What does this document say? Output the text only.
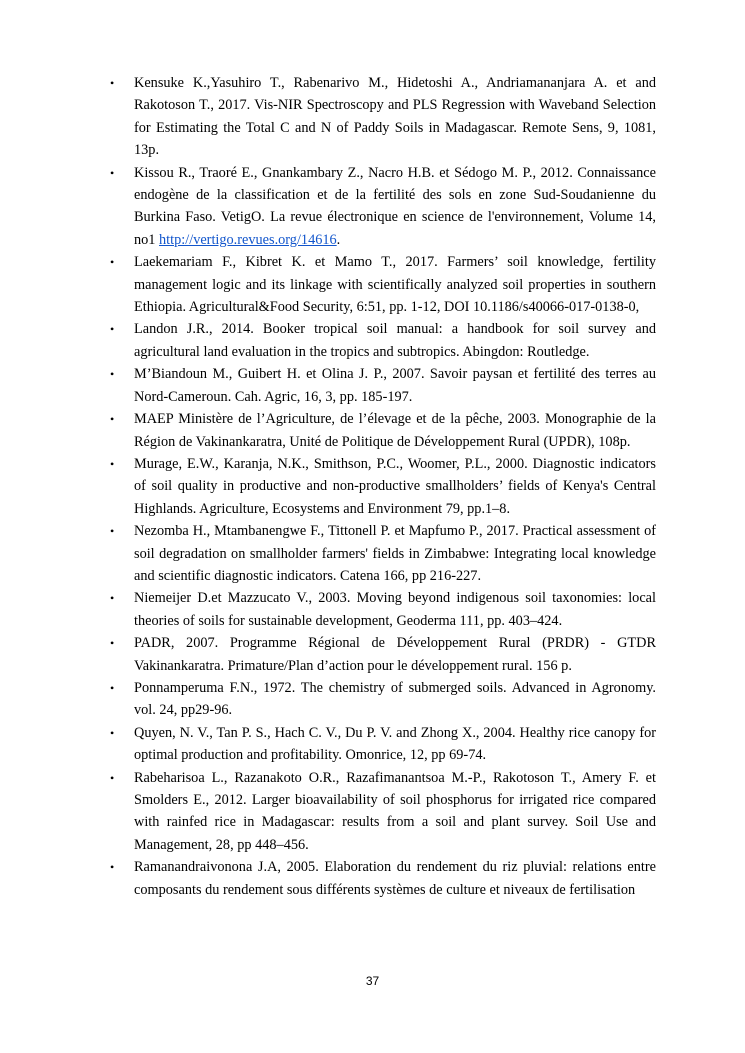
• Kensuke K.,Yasuhiro T., Rabenarivo M., Hidetoshi A., Andriamananjara A. et and Rakotoson T., 2017. Vis-NIR Spectroscopy and PLS Regression with Waveband Selection for Estimating the Total C and N of Paddy Soils in Madagascar. Remote Sens, 9, 1081, 13p.
• Kissou R., Traoré E., Gnankambary Z., Nacro H.B. et Sédogo M. P., 2012. Connaissance endogène de la classification et de la fertilité des sols en zone Sud-Soudanienne du Burkina Faso. VetigO. La revue électronique en science de l'environnement, Volume 14, no1 http://vertigo.revues.org/14616.
• Laekemariam F., Kibret K. et Mamo T., 2017. Farmers’ soil knowledge, fertility management logic and its linkage with scientifically analyzed soil properties in southern Ethiopia. Agricultural&Food Security, 6:51, pp. 1-12, DOI 10.1186/s40066-017-0138-0,
• Landon J.R., 2014. Booker tropical soil manual: a handbook for soil survey and agricultural land evaluation in the tropics and subtropics. Abingdon: Routledge.
• M’Biandoun M., Guibert H. et Olina J. P., 2007. Savoir paysan et fertilité des terres au Nord-Cameroun. Cah. Agric, 16, 3, pp. 185-197.
• MAEP Ministère de l’Agriculture, de l’élevage et de la pêche, 2003. Monographie de la Région de Vakinankaratra, Unité de Politique de Développement Rural (UPDR), 108p.
• Murage, E.W., Karanja, N.K., Smithson, P.C., Woomer, P.L., 2000. Diagnostic indicators of soil quality in productive and non-productive smallholders’ fields of Kenya's Central Highlands. Agriculture, Ecosystems and Environment 79, pp.1–8.
• Nezomba H., Mtambanengwe F., Tittonell P. et Mapfumo P., 2017. Practical assessment of soil degradation on smallholder farmers' fields in Zimbabwe: Integrating local knowledge and scientific diagnostic indicators. Catena 166, pp 216-227.
• Niemeijer D.et Mazzucato V., 2003. Moving beyond indigenous soil taxonomies: local theories of soils for sustainable development, Geoderma 111, pp. 403–424.
• PADR, 2007. Programme Régional de Développement Rural (PRDR) - GTDR Vakinankaratra. Primature/Plan d’action pour le développement rural. 156 p.
• Ponnamperuma F.N., 1972. The chemistry of submerged soils. Advanced in Agronomy. vol. 24, pp29-96.
• Quyen, N. V., Tan P. S., Hach C. V., Du P. V. and Zhong X., 2004. Healthy rice canopy for optimal production and profitability. Omonrice, 12, pp 69-74.
• Rabeharisoa L., Razanakoto O.R., Razafimanantsoa M.-P., Rakotoson T., Amery F. et Smolders E., 2012. Larger bioavailability of soil phosphorus for irrigated rice compared with rainfed rice in Madagascar: results from a soil and plant survey. Soil Use and Management, 28, pp 448–456.
• Ramanandraivonona J.A, 2005. Elaboration du rendement du riz pluvial: relations entre composants du rendement sous différents systèmes de culture et niveaux de fertilisation
37
